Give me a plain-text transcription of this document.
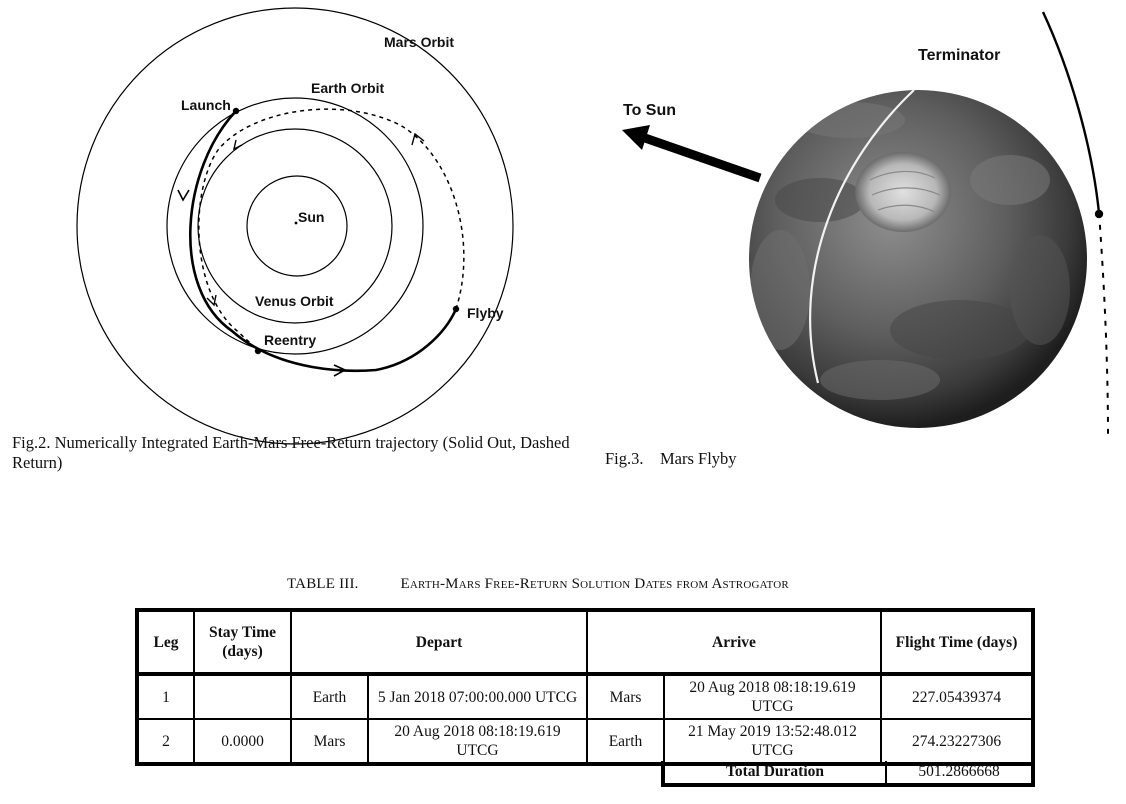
Mars Orbit
Earth Orbit
Venus Orbit
Sun
Launch
Flyby
Reentry
Terminator
To Sun
Fig.2. Numerically Integrated Earth-Mars Free-Return trajectory (Solid Out, Dashed Return)	Fig.3.    Mars Flyby
TABLE III.	Earth-Mars Free-Return Solution Dates from Astrogator
Leg	Stay Time (days)	Depart		Arrive		Flight Time (days)
1		Earth	5 Jan 2018 07:00:00.000 UTCG	Mars	20 Aug 2018 08:18:19.619 UTCG	227.05439374
2	0.0000	Mars	20 Aug 2018 08:18:19.619 UTCG	Earth	21 May 2019 13:52:48.012 UTCG	274.23227306
Total Duration	501.2866668
